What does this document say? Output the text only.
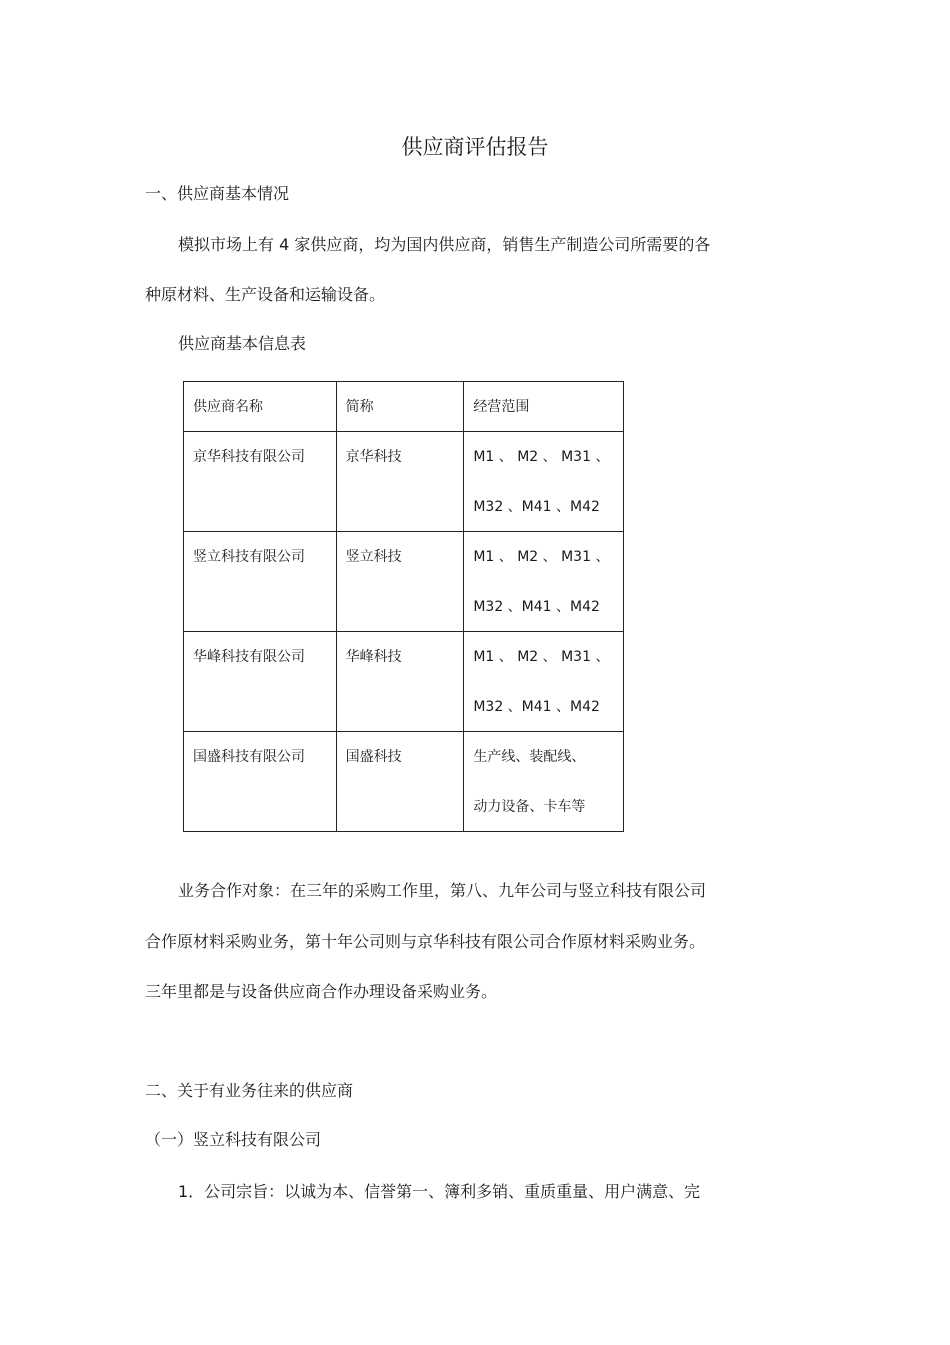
供应商评估报告
一、供应商基本情况
模拟市场上有 4 家供应商，均为国内供应商，销售生产制造公司所需要的各
种原材料、生产设备和运输设备。
供应商基本信息表
供应商名称	简称	经营范围
京华科技有限公司	京华科技	M1 、 M2 、 M31 、
M32 、M41 、M42

竖立科技有限公司	竖立科技	M1 、 M2 、 M31 、
M32 、M41 、M42

华峰科技有限公司	华峰科技	M1 、 M2 、 M31 、
M32 、M41 、M42

国盛科技有限公司	国盛科技	生产线、装配线、
动力设备、卡车等
业务合作对象：在三年的采购工作里，第八、九年公司与竖立科技有限公司
合作原材料采购业务，第十年公司则与京华科技有限公司合作原材料采购业务。
三年里都是与设备供应商合作办理设备采购业务。
二、关于有业务往来的供应商
（一）竖立科技有限公司
1．公司宗旨：以诚为本、信誉第一、簿利多销、重质重量、用户满意、完
